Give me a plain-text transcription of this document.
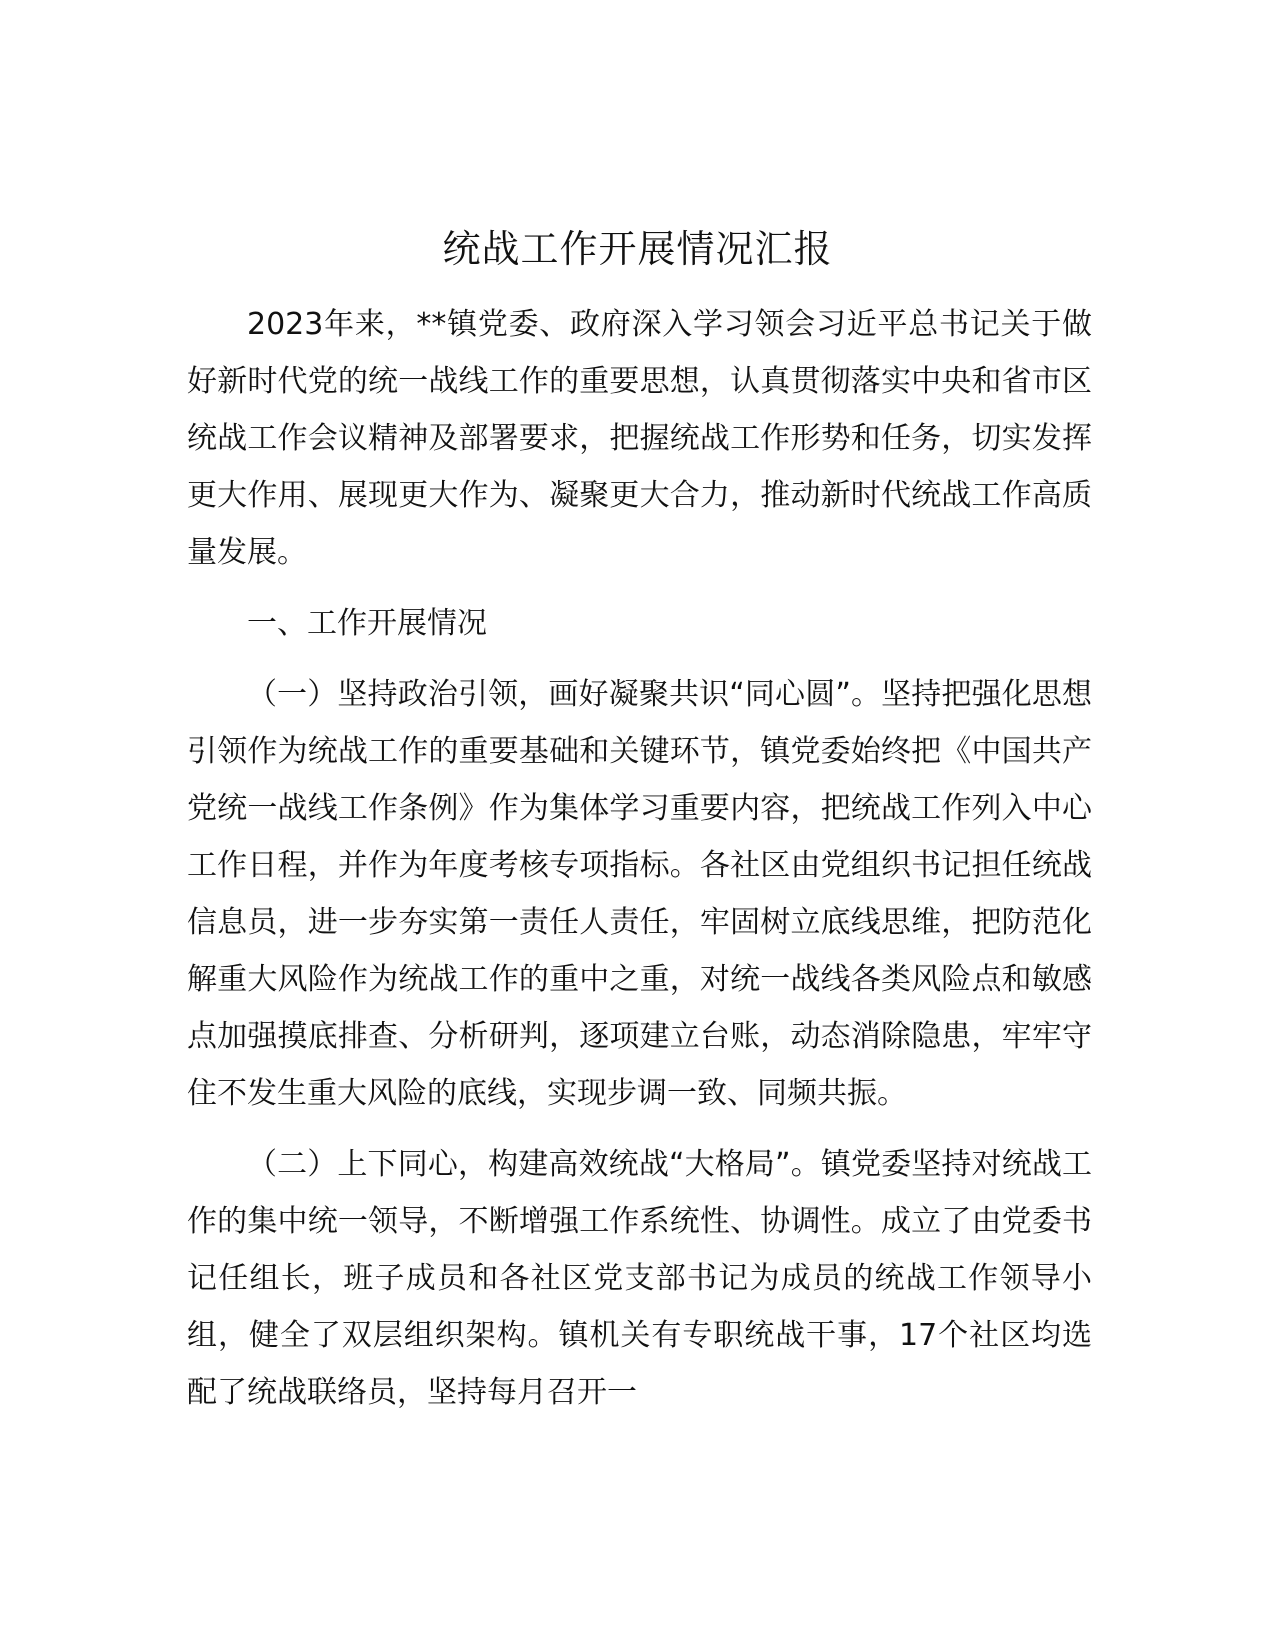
统战工作开展情况汇报

2023年来，**镇党委、政府深入学习领会习近平总书记关于做好新时代党的统一战线工作的重要思想，认真贯彻落实中央和省市区统战工作会议精神及部署要求，把握统战工作形势和任务，切实发挥更大作用、展现更大作为、凝聚更大合力，推动新时代统战工作高质量发展。

一、工作开展情况

（一）坚持政治引领，画好凝聚共识“同心圆”。坚持把强化思想引领作为统战工作的重要基础和关键环节，镇党委始终把《中国共产党统一战线工作条例》作为集体学习重要内容，把统战工作列入中心工作日程，并作为年度考核专项指标。各社区由党组织书记担任统战信息员，进一步夯实第一责任人责任，牢固树立底线思维，把防范化解重大风险作为统战工作的重中之重，对统一战线各类风险点和敏感点加强摸底排查、分析研判，逐项建立台账，动态消除隐患，牢牢守住不发生重大风险的底线，实现步调一致、同频共振。

（二）上下同心，构建高效统战“大格局”。镇党委坚持对统战工作的集中统一领导，不断增强工作系统性、协调性。成立了由党委书记任组长，班子成员和各社区党支部书记为成员的统战工作领导小组，健全了双层组织架构。镇机关有专职统战干事，17个社区均选配了统战联络员，坚持每月召开一
